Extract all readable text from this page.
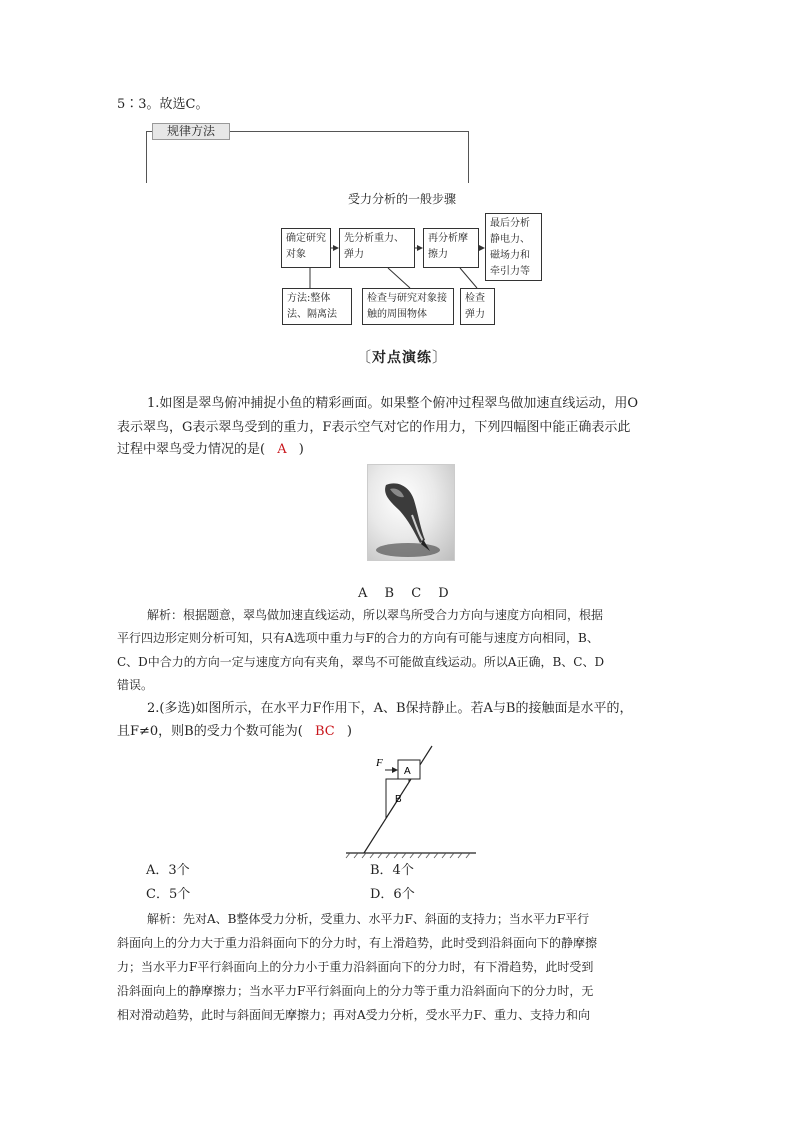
5∶3。故选C。
规律方法
受力分析的一般步骤
确定研究对象
先分析重力、弹力
再分析摩擦力
最后分析静电力、磁场力和牵引力等
方法:整体法、隔离法
检查与研究对象接触的周围物体
检查弹力
〔对点演练〕
1.如图是翠鸟俯冲捕捉小鱼的精彩画面。如果整个俯冲过程翠鸟做加速直线运动，用O
表示翠鸟，G表示翠鸟受到的重力，F表示空气对它的作用力，下列四幅图中能正确表示此
过程中翠鸟受力情况的是( A )
A　 B　 C　 D
解析：根据题意，翠鸟做加速直线运动，所以翠鸟所受合力方向与速度方向相同，根据
平行四边形定则分析可知，只有A选项中重力与F的合力的方向有可能与速度方向相同，B、
C、D中合力的方向一定与速度方向有夹角，翠鸟不可能做直线运动。所以A正确，B、C、D
错误。
2.(多选)如图所示，在水平力F作用下，A、B保持静止。若A与B的接触面是水平的，
且F≠0，则B的受力个数可能为( BC )
F
A
B
A．3个	B．4个
C．5个	D．6个
解析：先对A、B整体受力分析，受重力、水平力F、斜面的支持力；当水平力F平行
斜面向上的分力大于重力沿斜面向下的分力时，有上滑趋势，此时受到沿斜面向下的静摩擦
力；当水平力F平行斜面向上的分力小于重力沿斜面向下的分力时，有下滑趋势，此时受到
沿斜面向上的静摩擦力；当水平力F平行斜面向上的分力等于重力沿斜面向下的分力时，无
相对滑动趋势，此时与斜面间无摩擦力；再对A受力分析，受水平力F、重力、支持力和向
